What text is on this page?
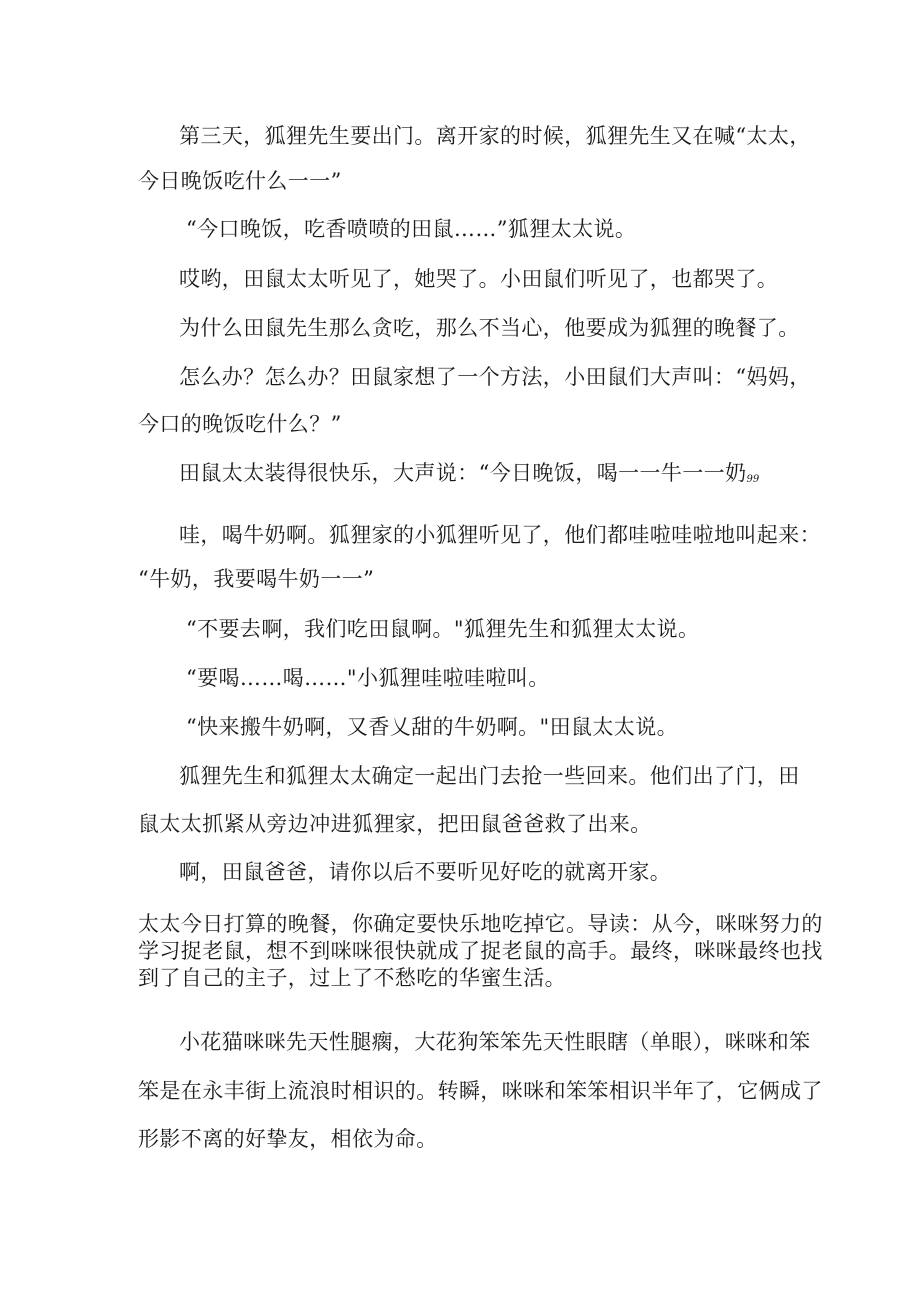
第三天，狐狸先生要出门。离开家的时候，狐狸先生又在喊“太太，

今日晚饭吃什么一一”

“今口晚饭，吃香喷喷的田鼠……”狐狸太太说。

哎哟，田鼠太太听见了，她哭了。小田鼠们听见了，也都哭了。

为什么田鼠先生那么贪吃，那么不当心，他要成为狐狸的晚餐了。

怎么办？怎么办？田鼠家想了一个方法，小田鼠们大声叫：“妈妈，

今口的晚饭吃什么？”

田鼠太太装得很快乐，大声说：“今日晚饭，喝一一牛一一奶$_{99}$

哇，喝牛奶啊。狐狸家的小狐狸听见了，他们都哇啦哇啦地叫起来：

“牛奶，我要喝牛奶一一”

“不要去啊，我们吃田鼠啊。"狐狸先生和狐狸太太说。

“要喝……喝……"小狐狸哇啦哇啦叫。

“快来搬牛奶啊，又香乂甜的牛奶啊。"田鼠太太说。

狐狸先生和狐狸太太确定一起出门去抢一些回来。他们出了门，田

鼠太太抓紧从旁边冲进狐狸家，把田鼠爸爸救了出来。

啊，田鼠爸爸，请你以后不要听见好吃的就离开家。

太太今日打算的晚餐，你确定要快乐地吃掉它。导读：从今，咪咪努力的

学习捉老鼠，想不到咪咪很快就成了捉老鼠的高手。最终，咪咪最终也找

到了自己的主子，过上了不愁吃的华蜜生活。

小花猫咪咪先天性腿瘸，大花狗笨笨先天性眼瞎（单眼），咪咪和笨

笨是在永丰街上流浪时相识的。转瞬，咪咪和笨笨相识半年了，它俩成了

形影不离的好挚友，相依为命。
